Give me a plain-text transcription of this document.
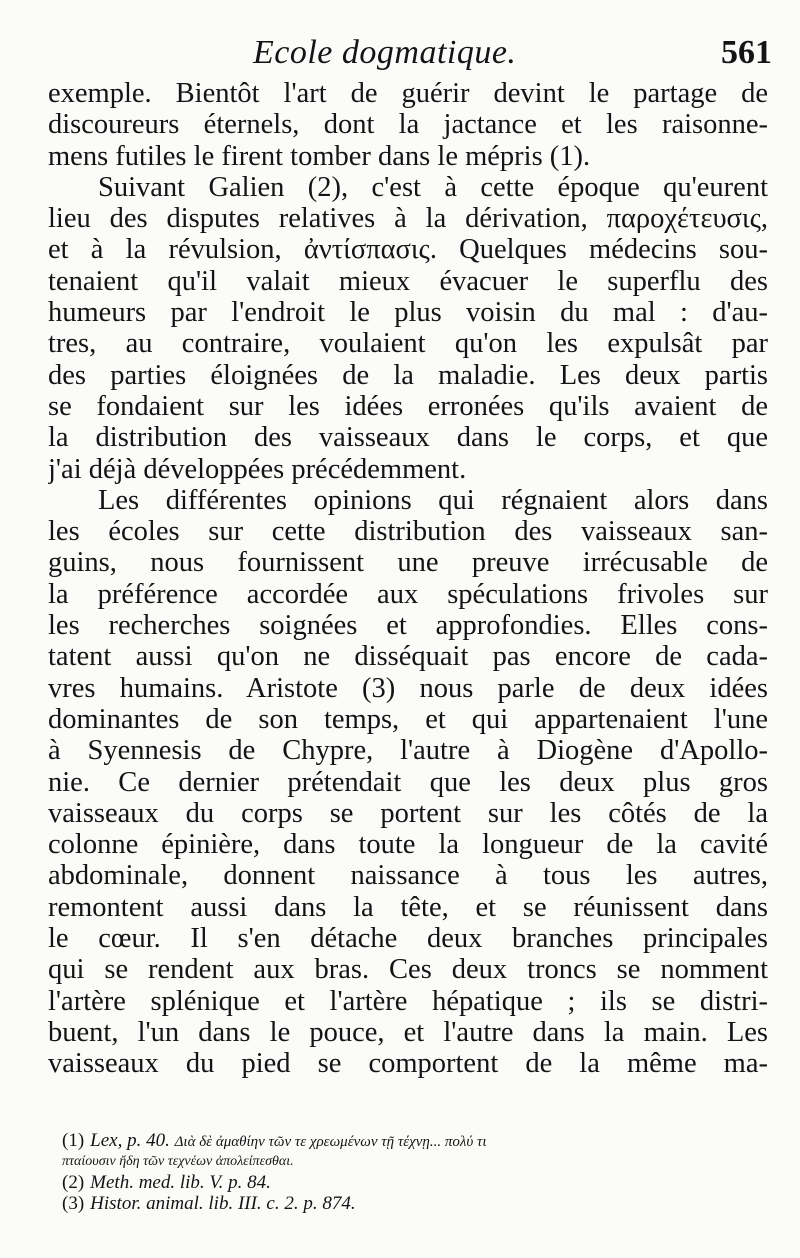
Ecole dogmatique.	561
exemple. Bientôt l'art de guérir devint le partage de
discoureurs éternels, dont la jactance et les raisonne-
mens futiles le firent tomber dans le mépris (1).
Suivant Galien (2), c'est à cette époque qu'eurent
lieu des disputes relatives à la dérivation, παροχέτευσις,
et à la révulsion, ἀντίσπασις. Quelques médecins sou-
tenaient qu'il valait mieux évacuer le superflu des
humeurs par l'endroit le plus voisin du mal : d'au-
tres, au contraire, voulaient qu'on les expulsât par
des parties éloignées de la maladie. Les deux partis
se fondaient sur les idées erronées qu'ils avaient de
la distribution des vaisseaux dans le corps, et que
j'ai déjà développées précédemment.
Les différentes opinions qui régnaient alors dans
les écoles sur cette distribution des vaisseaux san-
guins, nous fournissent une preuve irrécusable de
la préférence accordée aux spéculations frivoles sur
les recherches soignées et approfondies. Elles cons-
tatent aussi qu'on ne disséquait pas encore de cada-
vres humains. Aristote (3) nous parle de deux idées
dominantes de son temps, et qui appartenaient l'une
à Syennesis de Chypre, l'autre à Diogène d'Apollo-
nie. Ce dernier prétendait que les deux plus gros
vaisseaux du corps se portent sur les côtés de la
colonne épinière, dans toute la longueur de la cavité
abdominale, donnent naissance à tous les autres,
remontent aussi dans la tête, et se réunissent dans
le cœur. Il s'en détache deux branches principales
qui se rendent aux bras. Ces deux troncs se nomment
l'artère splénique et l'artère hépatique ; ils se distri-
buent, l'un dans le pouce, et l'autre dans la main. Les
vaisseaux du pied se comportent de la même ma-
(1) Lex, p. 40. Διὰ δὲ ἀμαθίην τῶν τε χρεωμένων τῇ τέχνῃ... πολύ τι
πταίουσιν ἤδη τῶν τεχνέων ἀπολείπεσθαι.
(2) Meth. med. lib. V. p. 84.
(3) Histor. animal. lib. III. c. 2. p. 874.
